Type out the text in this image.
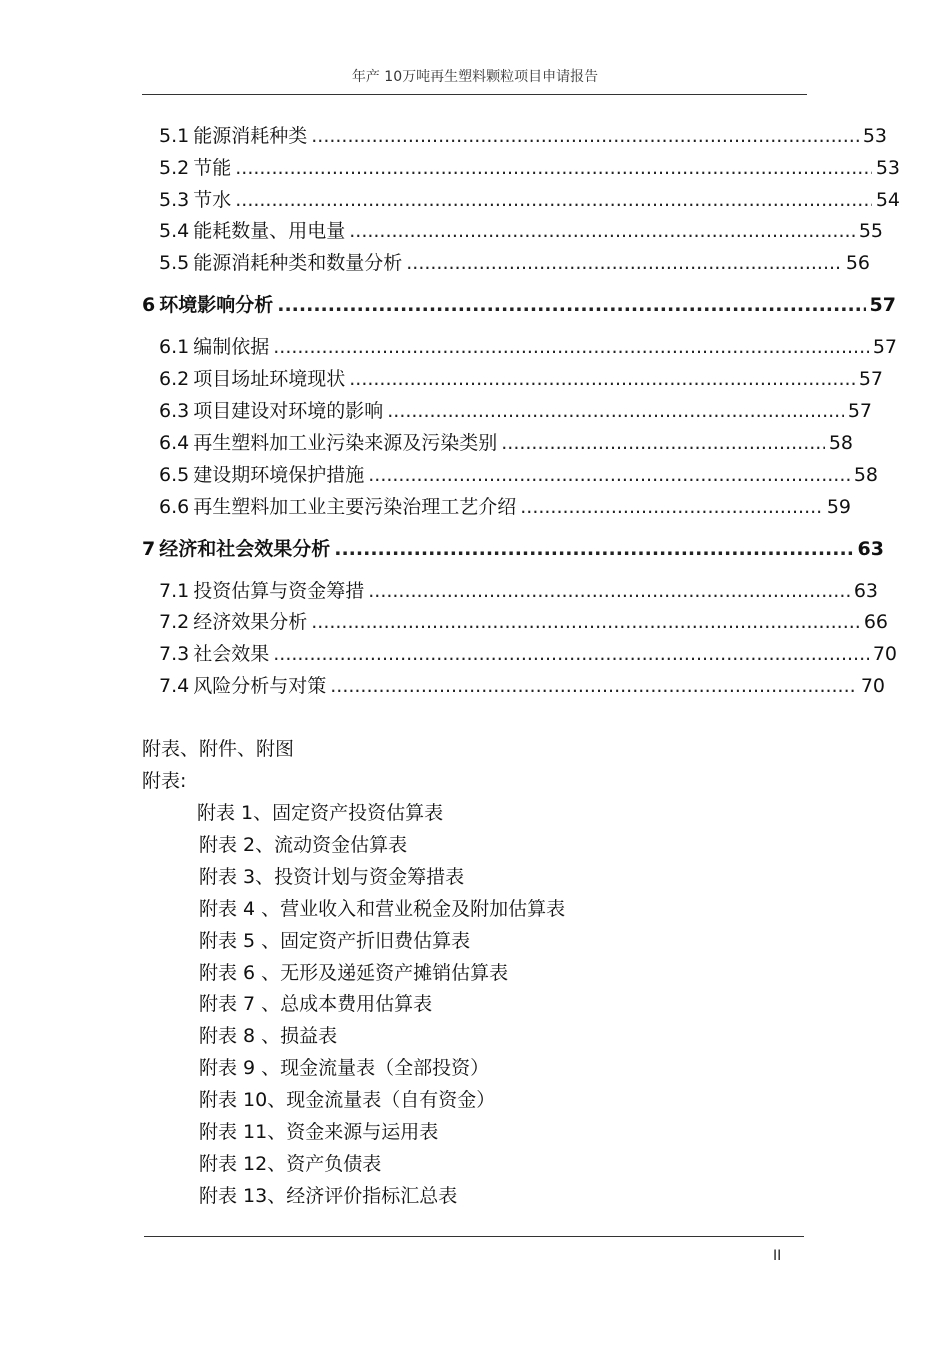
年产 10万吨再生塑料颗粒项目申请报告
5.1 能源消耗种类 .....	53
5.2 节能 .....	53
5.3 节水 .....	54
5.4 能耗数量、用电量 .....	55
5.5 能源消耗种类和数量分析 .....	56
6 环境影响分析 .....	57
6.1 编制依据 .....	57
6.2 项目场址环境现状 .....	57
6.3 项目建设对环境的影响 .....	57
6.4 再生塑料加工业污染来源及污染类别 .....	58
6.5 建设期环境保护措施 .....	58
6.6 再生塑料加工业主要污染治理工艺介绍 .....	59
7 经济和社会效果分析 .....	63
7.1 投资估算与资金筹措 .....	63
7.2 经济效果分析 .....	66
7.3 社会效果 .....	70
7.4 风险分析与对策 .....	70
附表、附件、附图
附表:
附表 1、固定资产投资估算表
附表 2、流动资金估算表
附表 3、投资计划与资金筹措表
附表 4 、营业收入和营业税金及附加估算表
附表 5 、固定资产折旧费估算表
附表 6 、无形及递延资产摊销估算表
附表 7 、总成本费用估算表
附表 8 、损益表
附表 9 、现金流量表（全部投资）
附表 10、现金流量表（自有资金）
附表 11、资金来源与运用表
附表 12、资产负债表
附表 13、经济评价指标汇总表
II
